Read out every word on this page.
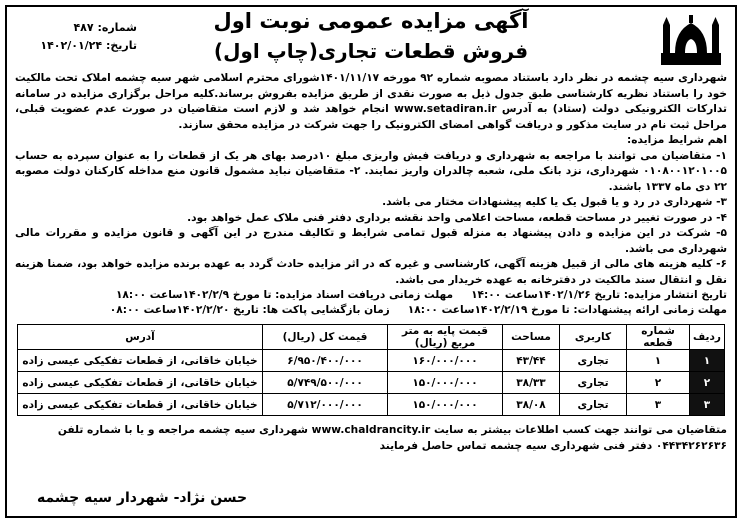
شماره: ۴۸۷
تاریخ: ۱۴۰۲/۰۱/۲۴
آگهی مزایده عمومی نوبت اول
فروش قطعات تجاری(چاپ اول)

شهرداری سیه چشمه در نظر دارد باستناد مصوبه شماره ۹۲ مورخه ۱۴۰۱/۱۱/۱۷شورای محترم اسلامی شهر سیه چشمه املاک تحت مالکیت خود را باستناد نظریه کارشناسی طبق جدول ذیل به صورت نقدی از طریق مزایده بفروش برساند.کلیه مراحل برگزاری مزایده در سامانه تدارکات الکترونیکی دولت (ستاد) به آدرس www.setadiran.ir انجام خواهد شد و لازم است متقاضیان در صورت عدم عضویت قبلی، مراحل ثبت نام در سایت مذکور و دریافت گواهی امضای الکترونیک را جهت شرکت در مزایده محقق سازند.

اهم شرایط مزایده:

۱- متقاضیان می توانند با مراجعه به شهرداری و دریافت فیش واریزی مبلغ ۱۰درصد بهای هر یک از قطعات را به عنوان سپرده به حساب ۰۱۰۸۰۰۱۲۰۱۰۰۵ شهرداری، نزد بانک ملی، شعبه چالدران واریز نمایند. ۲- متقاضیان نباید مشمول قانون منع مداخله کارکنان دولت مصوبه ۲۲ دی ماه ۱۳۳۷ باشند.

۳- شهرداری در رد و یا قبول یک یا کلیه پیشنهادات مختار می باشد.

۴- در صورت تغییر در مساحت قطعه، مساحت اعلامی واحد نقشه برداری دفتر فنی ملاک عمل خواهد بود.

۵- شرکت در این مزایده و دادن پیشنهاد به منزله قبول تمامی شرایط و تکالیف مندرج در این آگهی و قانون مزایده و مقررات مالی شهرداری می باشد.

۶- کلیه هزینه های مالی از قبیل هزینه آگهی، کارشناسی و غیره که در اثر مزایده حادث گردد به عهده برنده مزایده خواهد بود، ضمنا هزینه نقل و انتقال سند مالکیت در دفترخانه به عهده خریدار می باشد.

تاریخ انتشار مزایده: تاریخ ۱۴۰۲/۱/۲۶ساعت ۱۴:۰۰
مهلت زمانی دریافت اسناد مزایده: تا مورخ ۱۴۰۲/۲/۹ساعت ۱۸:۰۰
مهلت زمانی ارائه پیشنهادات: تا مورخ ۱۴۰۲/۲/۱۹ساعت ۱۸:۰۰
زمان بازگشایی پاکت ها: تاریخ ۱۴۰۲/۲/۲۰ساعت ۰۸:۰۰
ردیف	شماره قطعه	کاربری	مساحت	قیمت پایه به متر مربع (ریال)	قیمت کل (ریال)	آدرس
۱	۱	تجاری	۴۳/۴۴	۱۶۰/۰۰۰/۰۰۰	۶/۹۵۰/۴۰۰/۰۰۰	خیابان خاقانی، از قطعات تفکیکی عیسی زاده
۲	۲	تجاری	۳۸/۳۳	۱۵۰/۰۰۰/۰۰۰	۵/۷۴۹/۵۰۰/۰۰۰	خیابان خاقانی، از قطعات تفکیکی عیسی زاده
۳	۳	تجاری	۳۸/۰۸	۱۵۰/۰۰۰/۰۰۰	۵/۷۱۲/۰۰۰/۰۰۰	خیابان خاقانی، از قطعات تفکیکی عیسی زاده
متقاضیان می توانند جهت کسب اطلاعات بیشتر به سایت www.chaldrancity.ir شهرداری سیه چشمه مراجعه و یا با شماره تلفن ۰۴۴۳۴۲۶۲۶۳۶ دفتر فنی شهرداری سیه چشمه تماس حاصل فرمایند
حسن نژاد- شهردار سیه چشمه
